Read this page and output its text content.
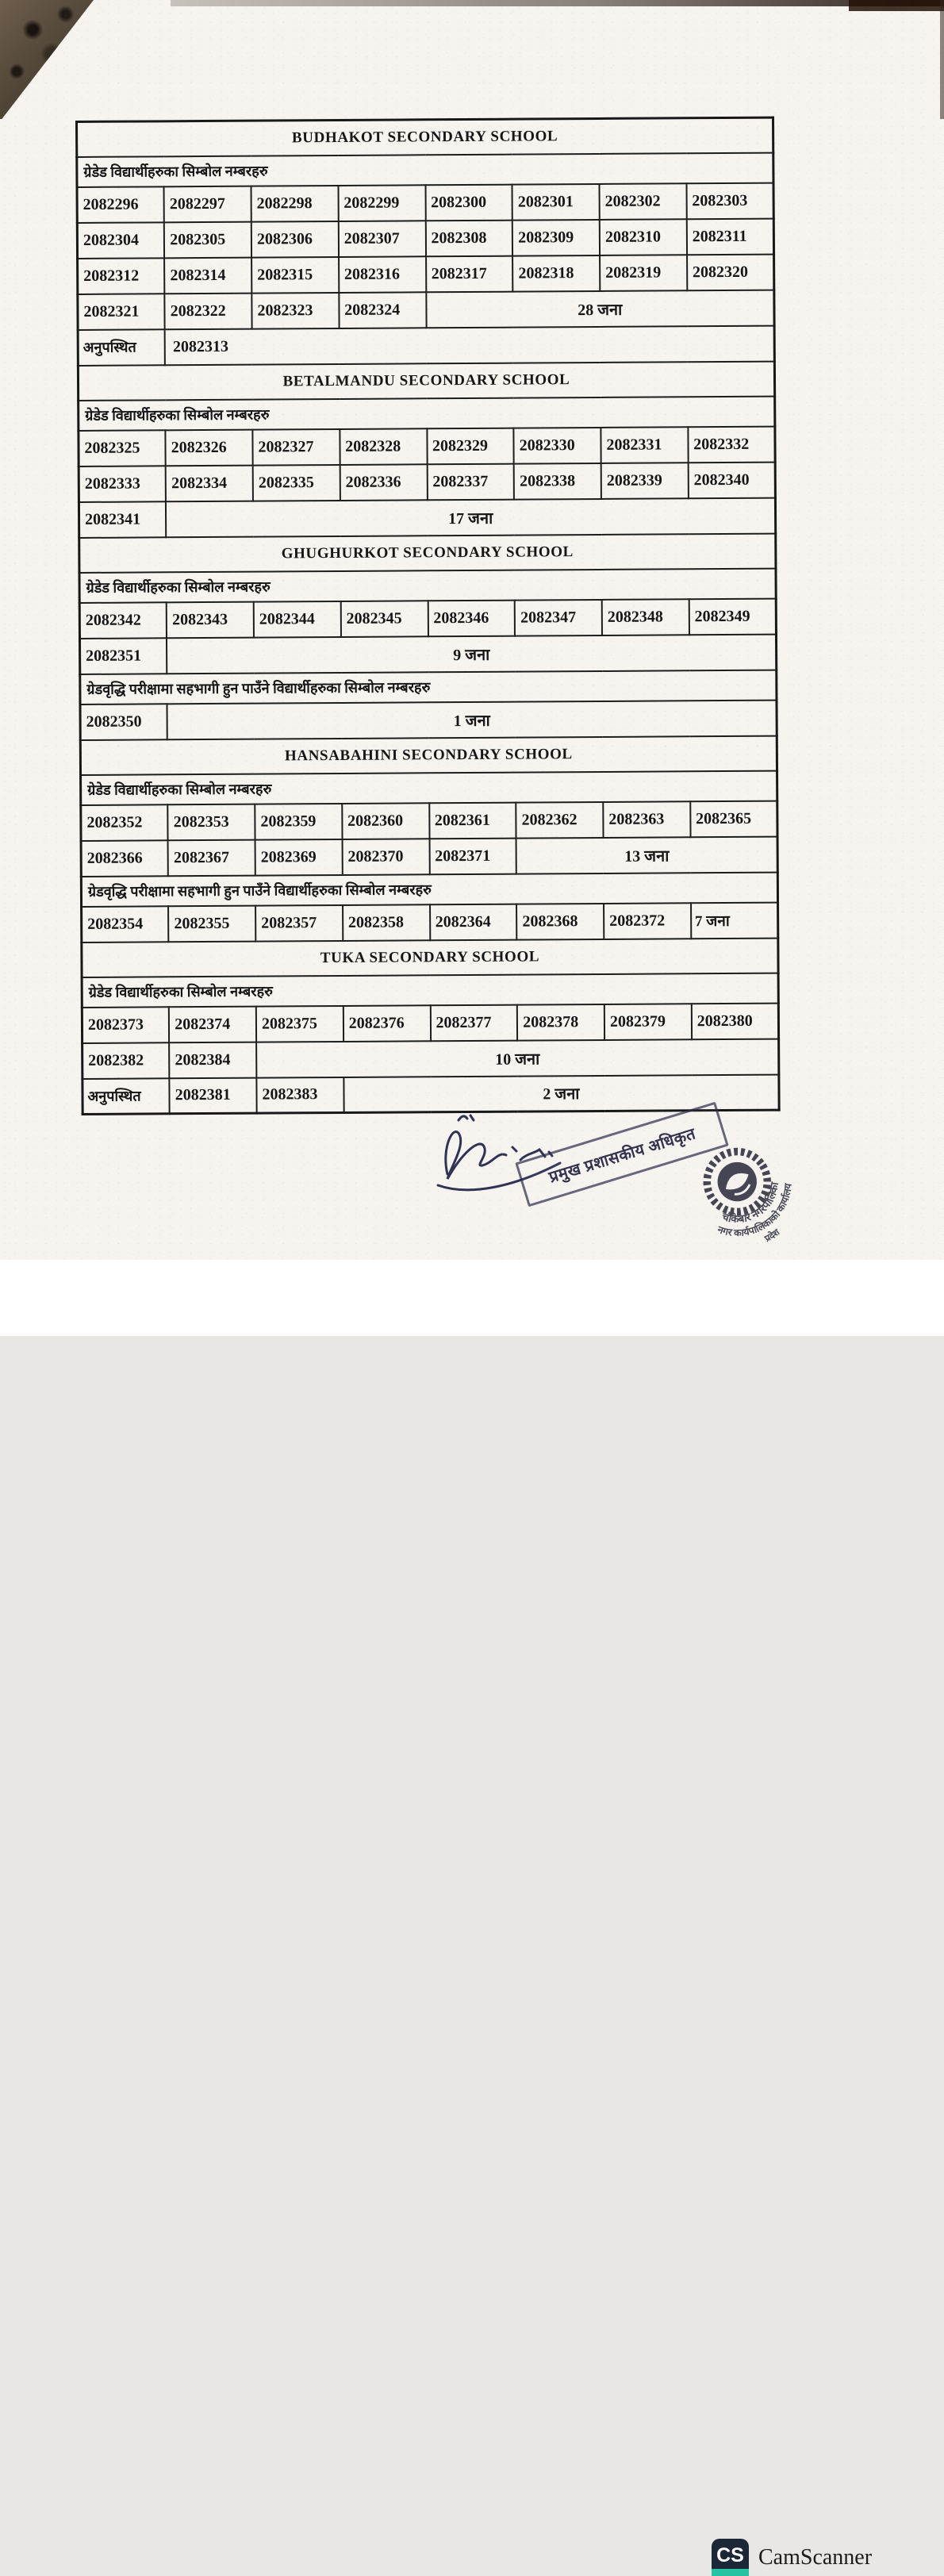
BUDHAKOT SECONDARY SCHOOL							
ग्रेडेड विद्यार्थीहरुका सिम्बोल नम्बरहरु							
2082296	2082297	2082298	2082299	2082300	2082301	2082302	2082303
2082304	2082305	2082306	2082307	2082308	2082309	2082310	2082311
2082312	2082314	2082315	2082316	2082317	2082318	2082319	2082320
2082321	2082322	2082323	2082324	28 जना			
अनुपस्थित	2082313						
BETALMANDU SECONDARY SCHOOL							
ग्रेडेड विद्यार्थीहरुका सिम्बोल नम्बरहरु							
2082325	2082326	2082327	2082328	2082329	2082330	2082331	2082332
2082333	2082334	2082335	2082336	2082337	2082338	2082339	2082340
2082341	17 जना						
GHUGHURKOT SECONDARY SCHOOL							
ग्रेडेड विद्यार्थीहरुका सिम्बोल नम्बरहरु							
2082342	2082343	2082344	2082345	2082346	2082347	2082348	2082349
2082351	9 जना						
ग्रेडवृद्धि परीक्षामा सहभागी हुन पाउँने विद्यार्थीहरुका सिम्बोल नम्बरहरु							
2082350	1 जना						
HANSABAHINI SECONDARY SCHOOL							
ग्रेडेड विद्यार्थीहरुका सिम्बोल नम्बरहरु							
2082352	2082353	2082359	2082360	2082361	2082362	2082363	2082365
2082366	2082367	2082369	2082370	2082371	13 जना		
ग्रेडवृद्धि परीक्षामा सहभागी हुन पाउँने विद्यार्थीहरुका सिम्बोल नम्बरहरु							
2082354	2082355	2082357	2082358	2082364	2082368	2082372	7 जना
TUKA SECONDARY SCHOOL							
ग्रेडेड विद्यार्थीहरुका सिम्बोल नम्बरहरु							
2082373	2082374	2082375	2082376	2082377	2082378	2082379	2082380
2082382	2082384	10 जना					
अनुपस्थित	2082381	2082383	2 जना				
प्रमुख प्रशासकीय अधिकृत
चौकेबार नगरपालिका
नगर कार्यपालिकाको कार्यालय
प्रदेश
CS CamScanner
